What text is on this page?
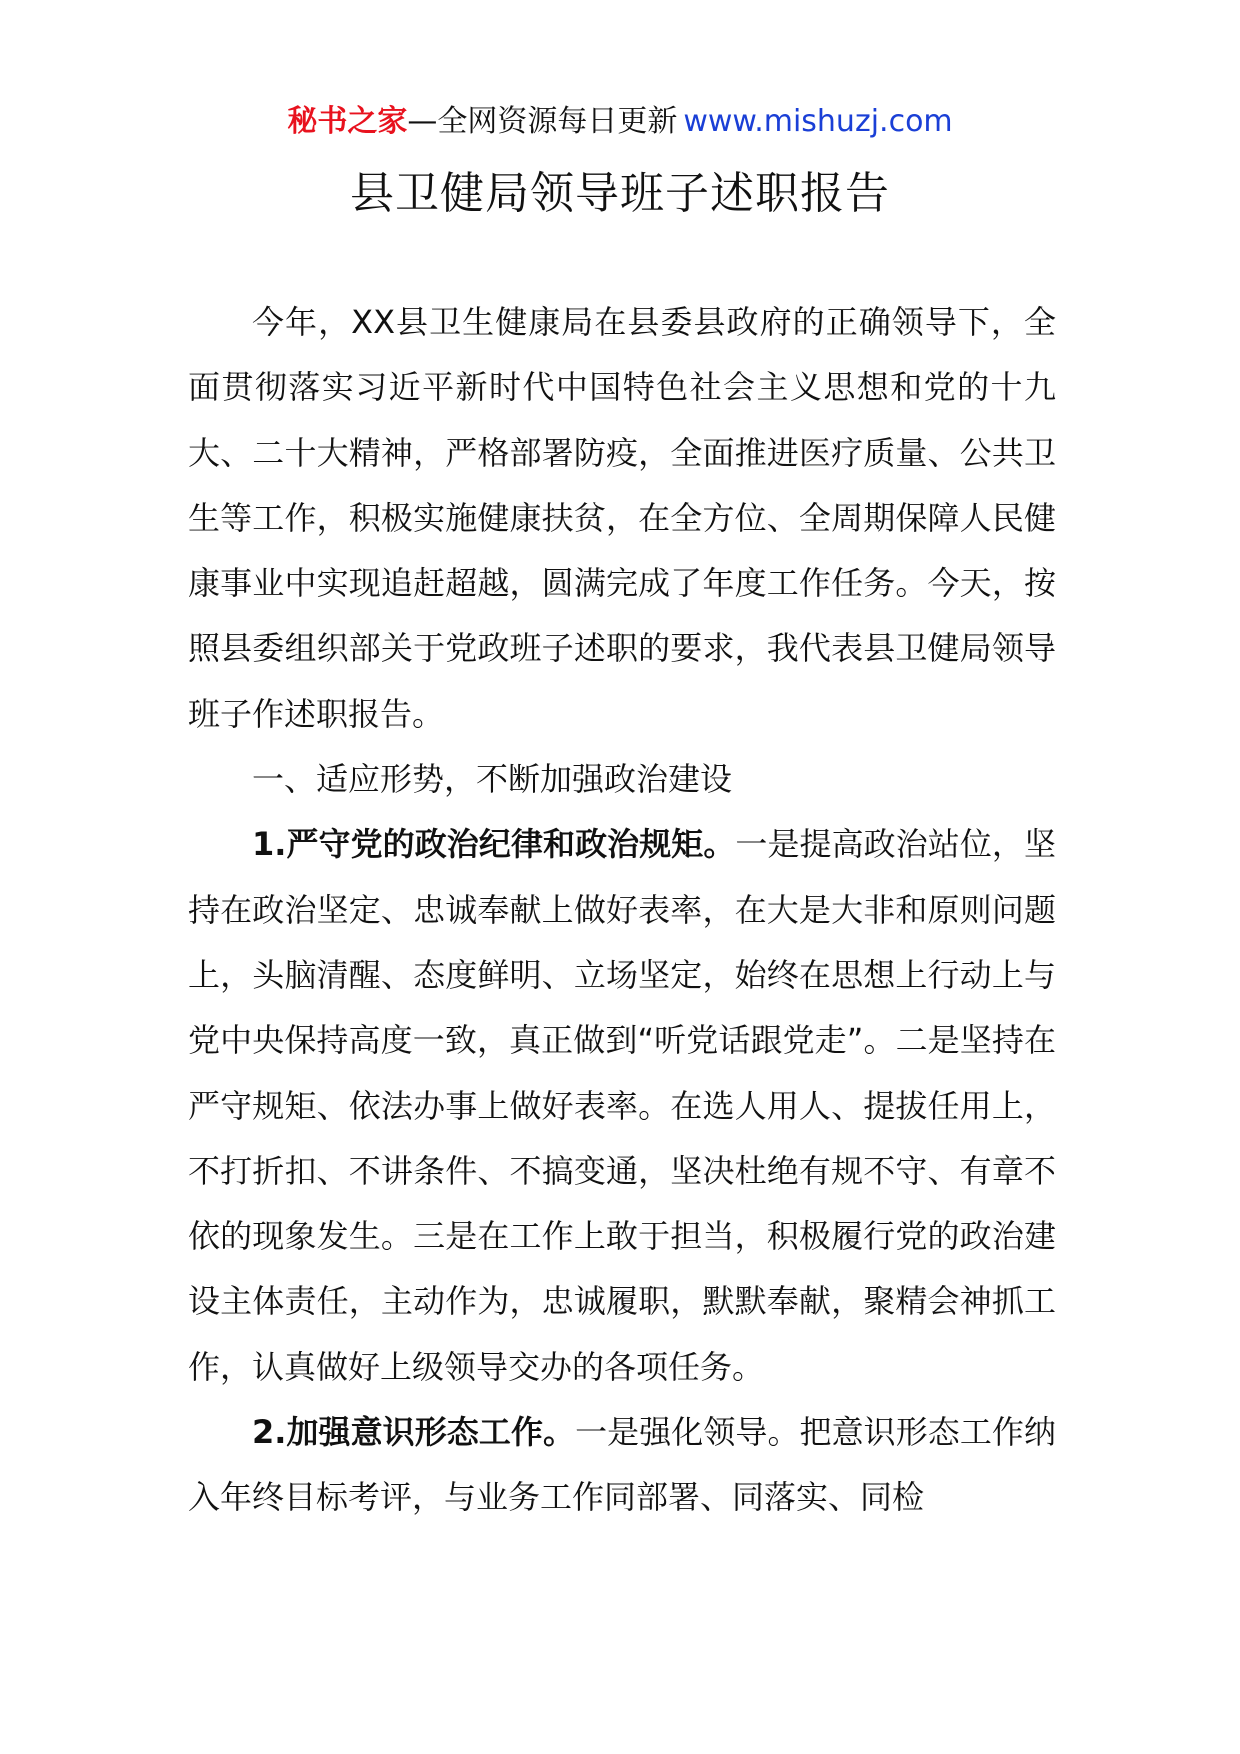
秘书之家—全网资源每日更新 www.mishuzj.com
县卫健局领导班子述职报告

今年，XX县卫生健康局在县委县政府的正确领导下，全面贯彻落实习近平新时代中国特色社会主义思想和党的十九大、二十大精神，严格部署防疫，全面推进医疗质量、公共卫生等工作，积极实施健康扶贫，在全方位、全周期保障人民健康事业中实现追赶超越，圆满完成了年度工作任务。今天，按照县委组织部关于党政班子述职的要求，我代表县卫健局领导班子作述职报告。

一、适应形势，不断加强政治建设

1.严守党的政治纪律和政治规矩。一是提高政治站位，坚持在政治坚定、忠诚奉献上做好表率，在大是大非和原则问题上，头脑清醒、态度鲜明、立场坚定，始终在思想上行动上与党中央保持高度一致，真正做到“听党话跟党走”。二是坚持在严守规矩、依法办事上做好表率。在选人用人、提拔任用上，不打折扣、不讲条件、不搞变通，坚决杜绝有规不守、有章不依的现象发生。三是在工作上敢于担当，积极履行党的政治建设主体责任，主动作为，忠诚履职，默默奉献，聚精会神抓工作，认真做好上级领导交办的各项任务。

2.加强意识形态工作。一是强化领导。把意识形态工作纳入年终目标考评，与业务工作同部署、同落实、同检
